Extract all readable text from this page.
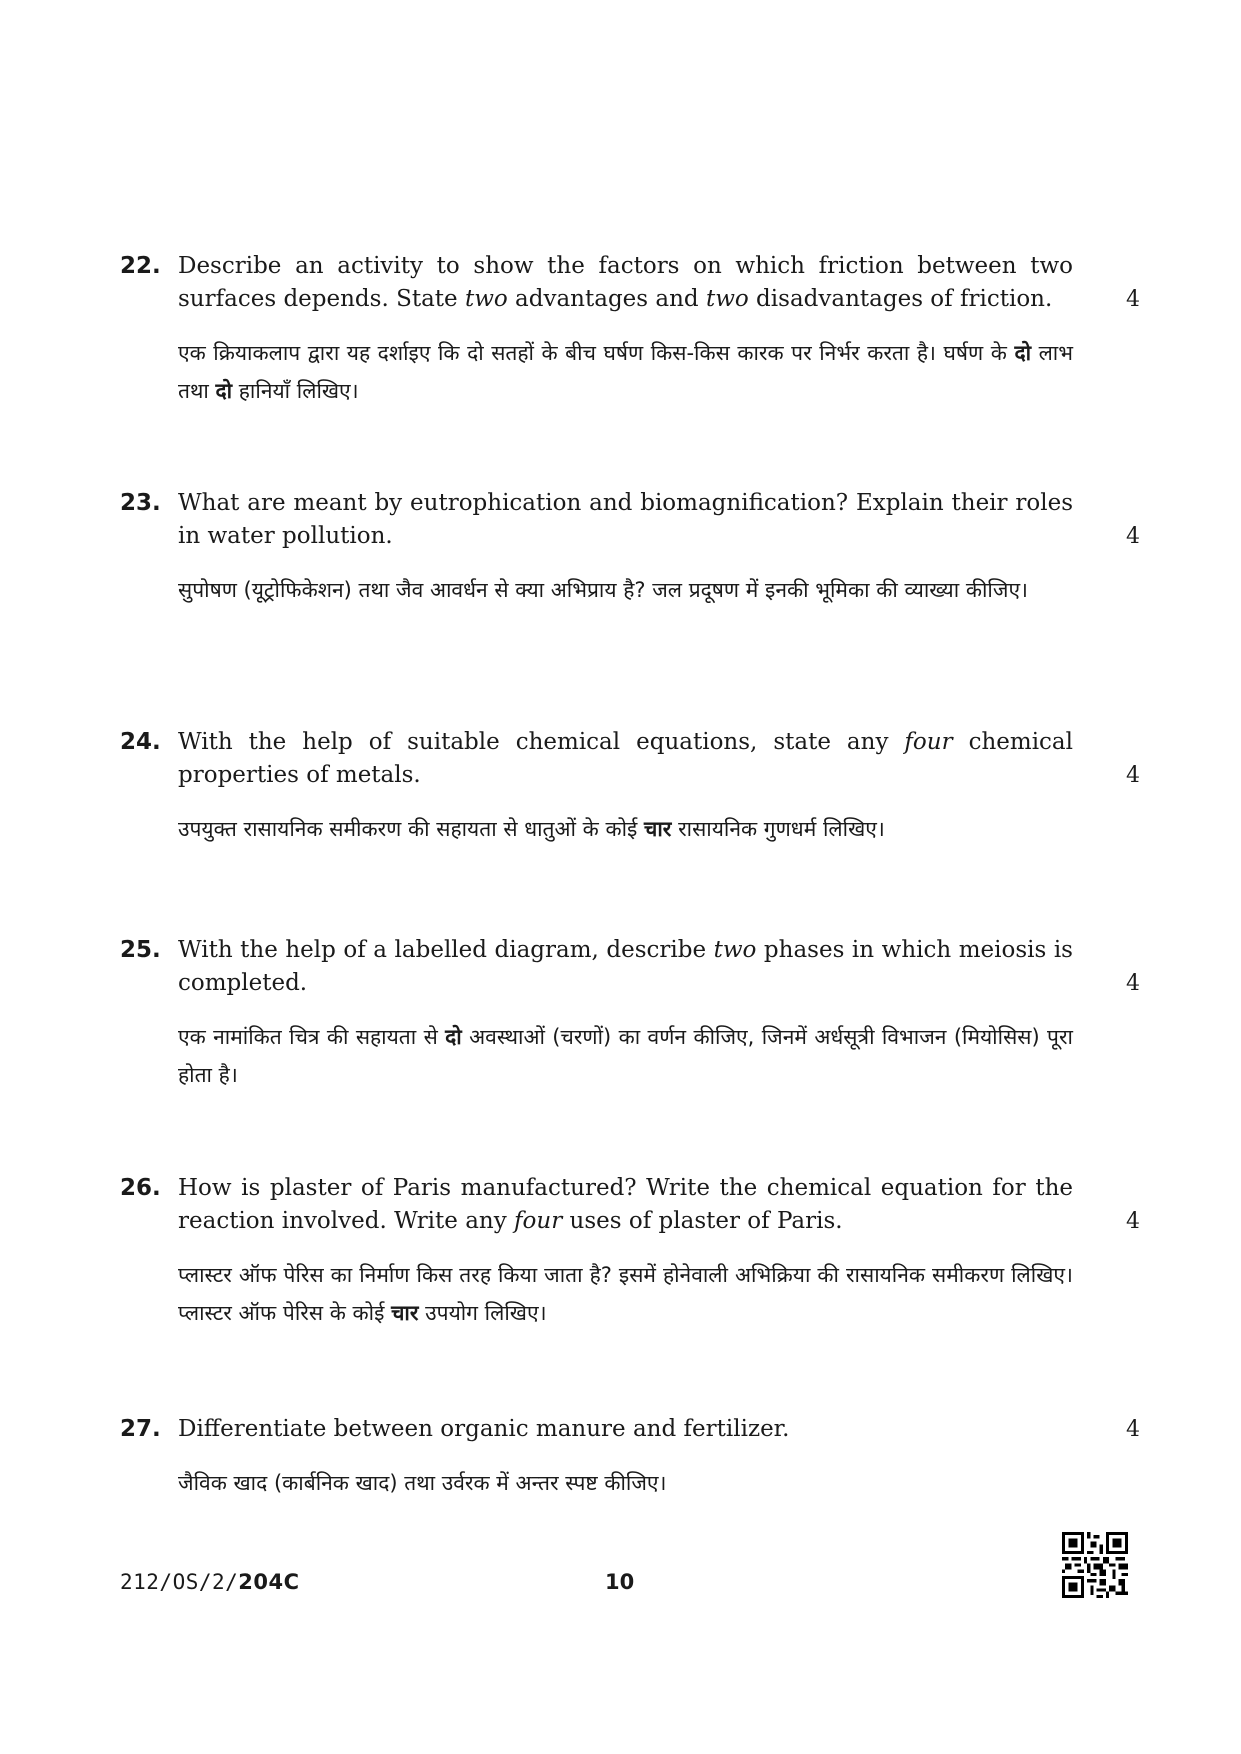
22. Describe an activity to show the factors on which friction between two surfaces depends. State two advantages and two disadvantages of friction.	4
एक क्रियाकलाप द्वारा यह दर्शाइए कि दो सतहों के बीच घर्षण किस-किस कारक पर निर्भर करता है। घर्षण के दो लाभ तथा दो हानियाँ लिखिए।
23. What are meant by eutrophication and biomagnification? Explain their roles in water pollution.	4
सुपोषण (यूट्रोफिकेशन) तथा जैव आवर्धन से क्या अभिप्राय है? जल प्रदूषण में इनकी भूमिका की व्याख्या कीजिए।
24. With the help of suitable chemical equations, state any four chemical properties of metals.	4
उपयुक्त रासायनिक समीकरण की सहायता से धातुओं के कोई चार रासायनिक गुणधर्म लिखिए।
25. With the help of a labelled diagram, describe two phases in which meiosis is completed.	4
एक नामांकित चित्र की सहायता से दो अवस्थाओं (चरणों) का वर्णन कीजिए, जिनमें अर्धसूत्री विभाजन (मियोसिस) पूरा होता है।
26. How is plaster of Paris manufactured? Write the chemical equation for the reaction involved. Write any four uses of plaster of Paris.	4
प्लास्टर ऑफ पेरिस का निर्माण किस तरह किया जाता है? इसमें होनेवाली अभिक्रिया की रासायनिक समीकरण लिखिए। प्लास्टर ऑफ पेरिस के कोई चार उपयोग लिखिए।
27. Differentiate between organic manure and fertilizer.	4
जैविक खाद (कार्बनिक खाद) तथा उर्वरक में अन्तर स्पष्ट कीजिए।
212/OS/2/204C	10
